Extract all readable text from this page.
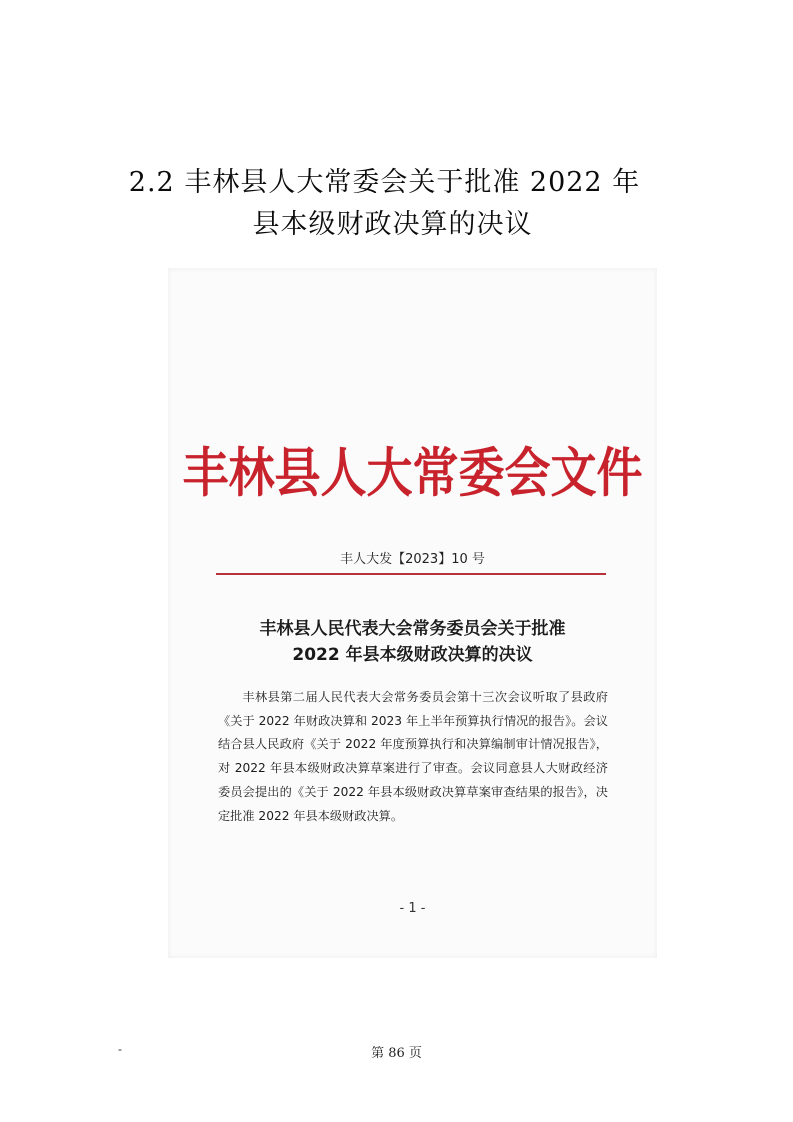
2.2 丰林县人大常委会关于批准 2022 年
县本级财政决算的决议
丰林县人大常委会文件
丰人大发【2023】10 号
丰林县人民代表大会常务委员会关于批准
2022 年县本级财政决算的决议
丰林县第二届人民代表大会常务委员会第十三次会议听取了县政府《关于 2022 年财政决算和 2023 年上半年预算执行情况的报告》。会议结合县人民政府《关于 2022 年度预算执行和决算编制审计情况报告》，对 2022 年县本级财政决算草案进行了审查。会议同意县人大财政经济委员会提出的《关于 2022 年县本级财政决算草案审查结果的报告》，决定批准 2022 年县本级财政决算。
- 1 -
-	第 86 页
